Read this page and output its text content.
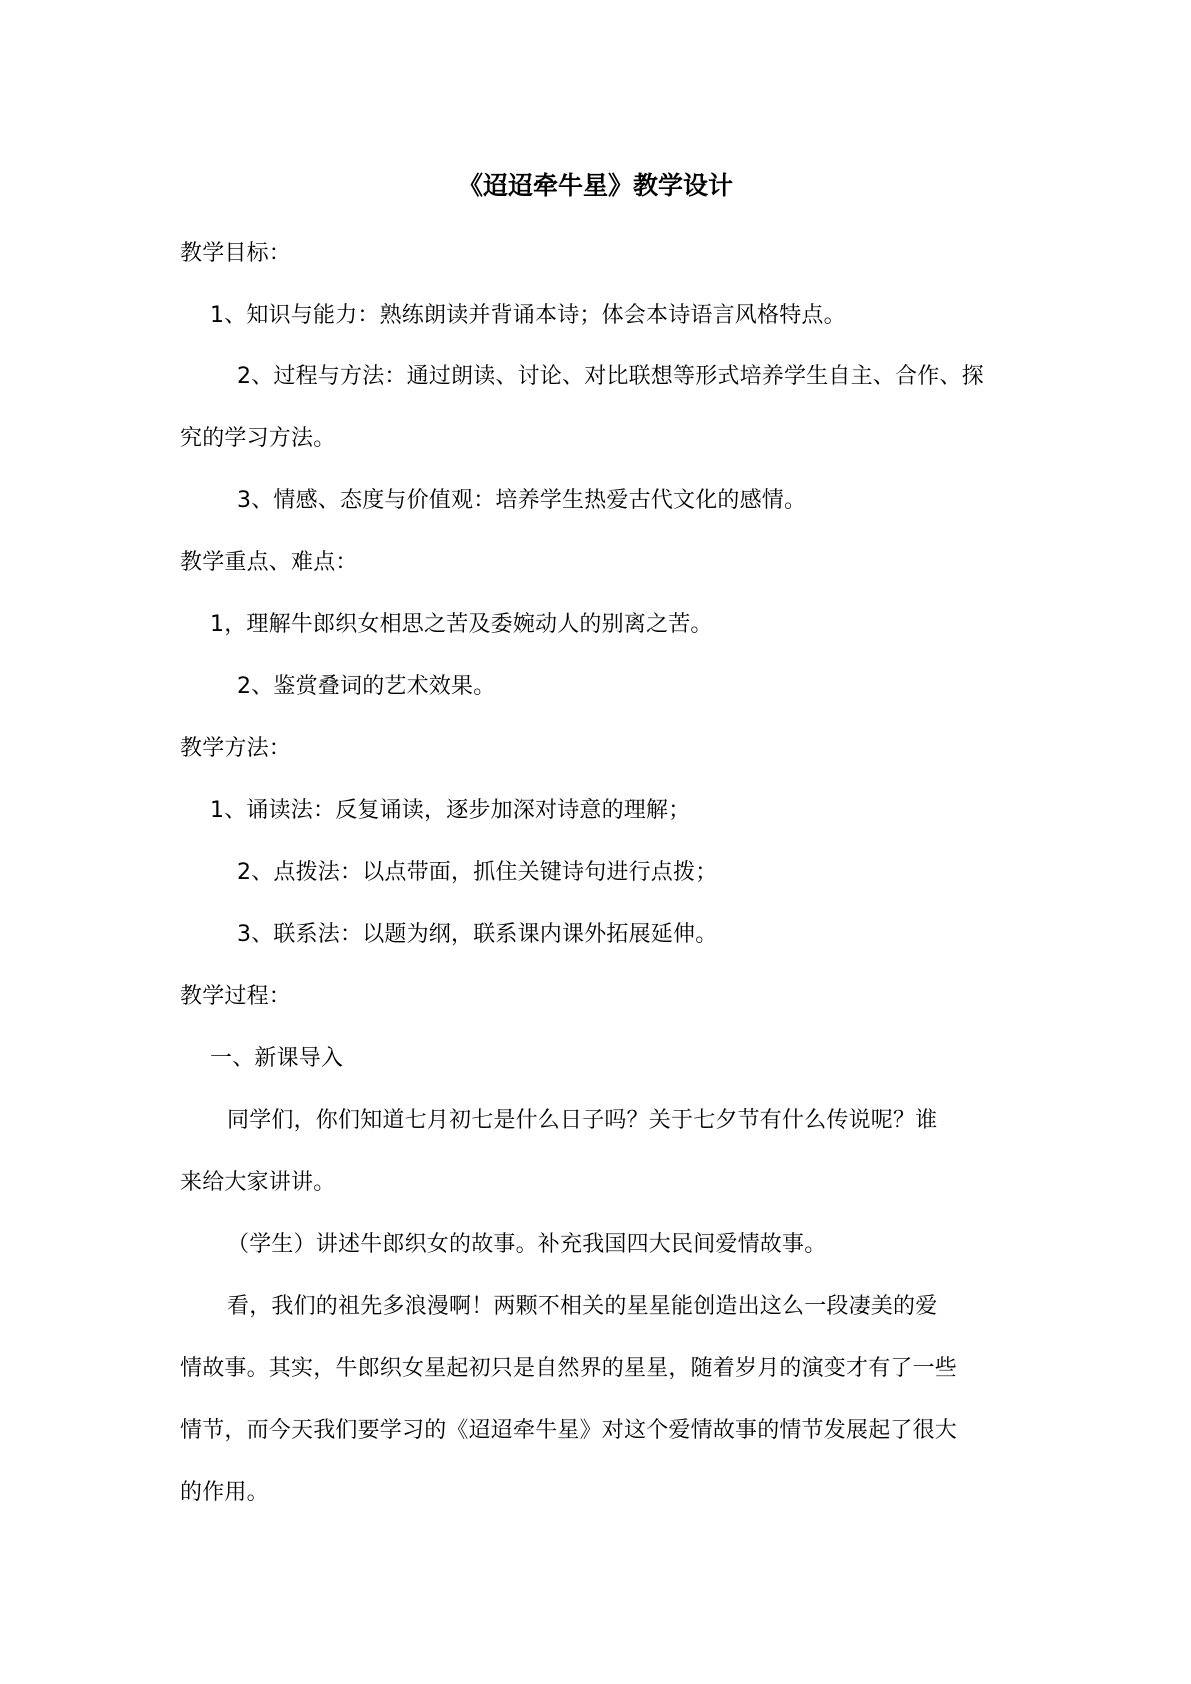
《迢迢牵牛星》教学设计
教学目标：
1、知识与能力：熟练朗读并背诵本诗；体会本诗语言风格特点。
2、过程与方法：通过朗读、讨论、对比联想等形式培养学生自主、合作、探
究的学习方法。
3、情感、态度与价值观：培养学生热爱古代文化的感情。
教学重点、难点：
1，理解牛郎织女相思之苦及委婉动人的别离之苦。
2、鉴赏叠词的艺术效果。
教学方法：
1、诵读法：反复诵读，逐步加深对诗意的理解；
2、点拨法：以点带面，抓住关键诗句进行点拨；
3、联系法：以题为纲，联系课内课外拓展延伸。
教学过程：
一、新课导入
同学们，你们知道七月初七是什么日子吗？关于七夕节有什么传说呢？谁
来给大家讲讲。
（学生）讲述牛郎织女的故事。补充我国四大民间爱情故事。
看，我们的祖先多浪漫啊！两颗不相关的星星能创造出这么一段凄美的爱
情故事。其实，牛郎织女星起初只是自然界的星星，随着岁月的演变才有了一些
情节，而今天我们要学习的《迢迢牵牛星》对这个爱情故事的情节发展起了很大
的作用。
